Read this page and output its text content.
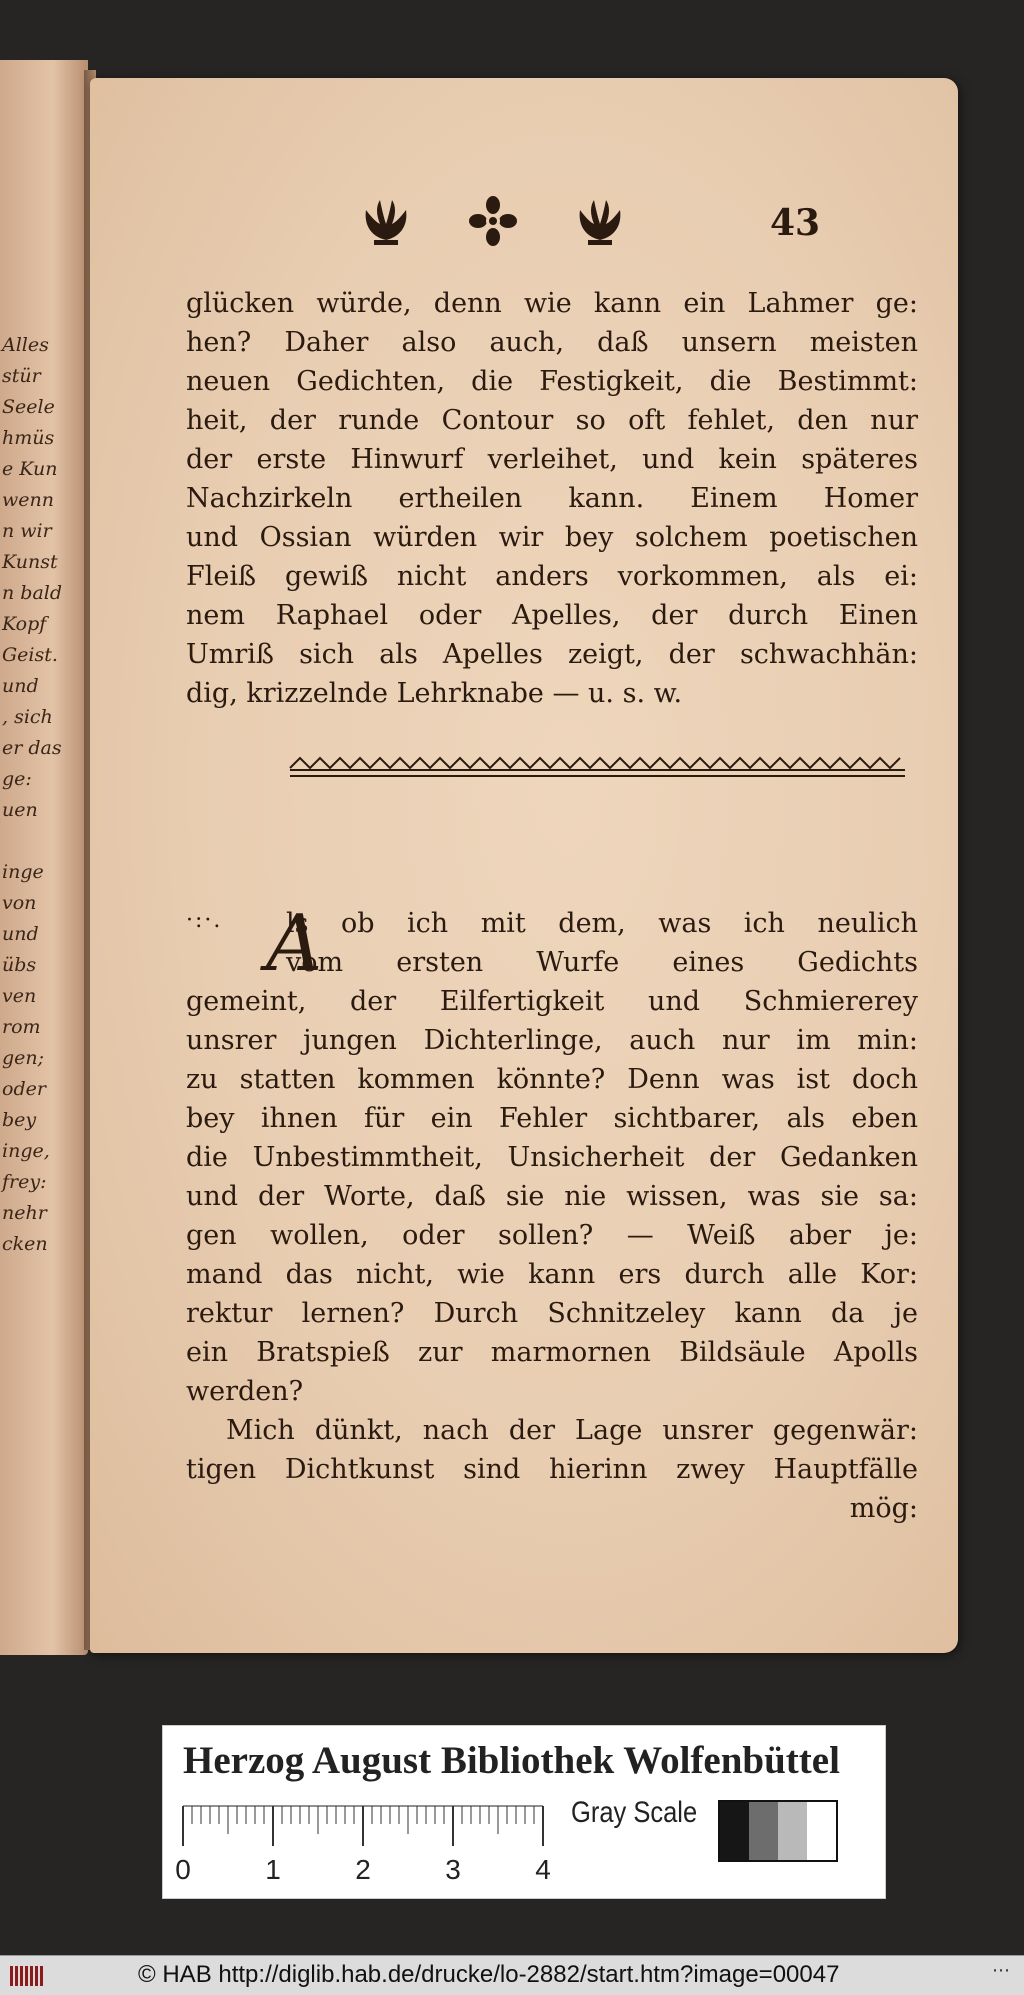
Alles
stür
Seele
hmüs
e Kun
wenn
n wir
Kunst
n bald
Kopf
Geist.
und
, sich
er das
ge:
uen
inge
von
und
übs
ven
rom
gen;
oder
bey
inge,
frey:
nehr
cken
43
glücken würde, denn wie kann ein Lahmer ge:
hen? Daher also auch, daß unsern meisten
neuen Gedichten, die Festigkeit, die Bestimmt:
heit, der runde Contour so oft fehlet, den nur
der erste Hinwurf verleihet, und kein späteres
Nachzirkeln ertheilen kann. Einem Homer
und Ossian würden wir bey solchem poetischen
Fleiß gewiß nicht anders vorkommen, als ei:
nem Raphael oder Apelles, der durch Einen
Umriß sich als Apelles zeigt, der schwachhän:
dig, krizzelnde Lehrknabe — u. s. w.
·:·. A
ls ob ich mit dem, was ich neulich
vom ersten Wurfe eines Gedichts
gemeint, der Eilfertigkeit und Schmiererey
unsrer jungen Dichterlinge, auch nur im min:
zu statten kommen könnte? Denn was ist doch
bey ihnen für ein Fehler sichtbarer, als eben
die Unbestimmtheit, Unsicherheit der Gedanken
und der Worte, daß sie nie wissen, was sie sa:
gen wollen, oder sollen? — Weiß aber je:
mand das nicht, wie kann ers durch alle Kor:
rektur lernen? Durch Schnitzeley kann da je
ein Bratspieß zur marmornen Bildsäule Apolls
werden?
Mich dünkt, nach der Lage unsrer gegenwär:
tigen Dichtkunst sind hierinn zwey Hauptfälle
mög:
Herzog August Bibliothek Wolfenbüttel
0	1	2	3	4
Gray Scale
© HAB http://diglib.hab.de/drucke/lo-2882/start.htm?image=00047	⋯
